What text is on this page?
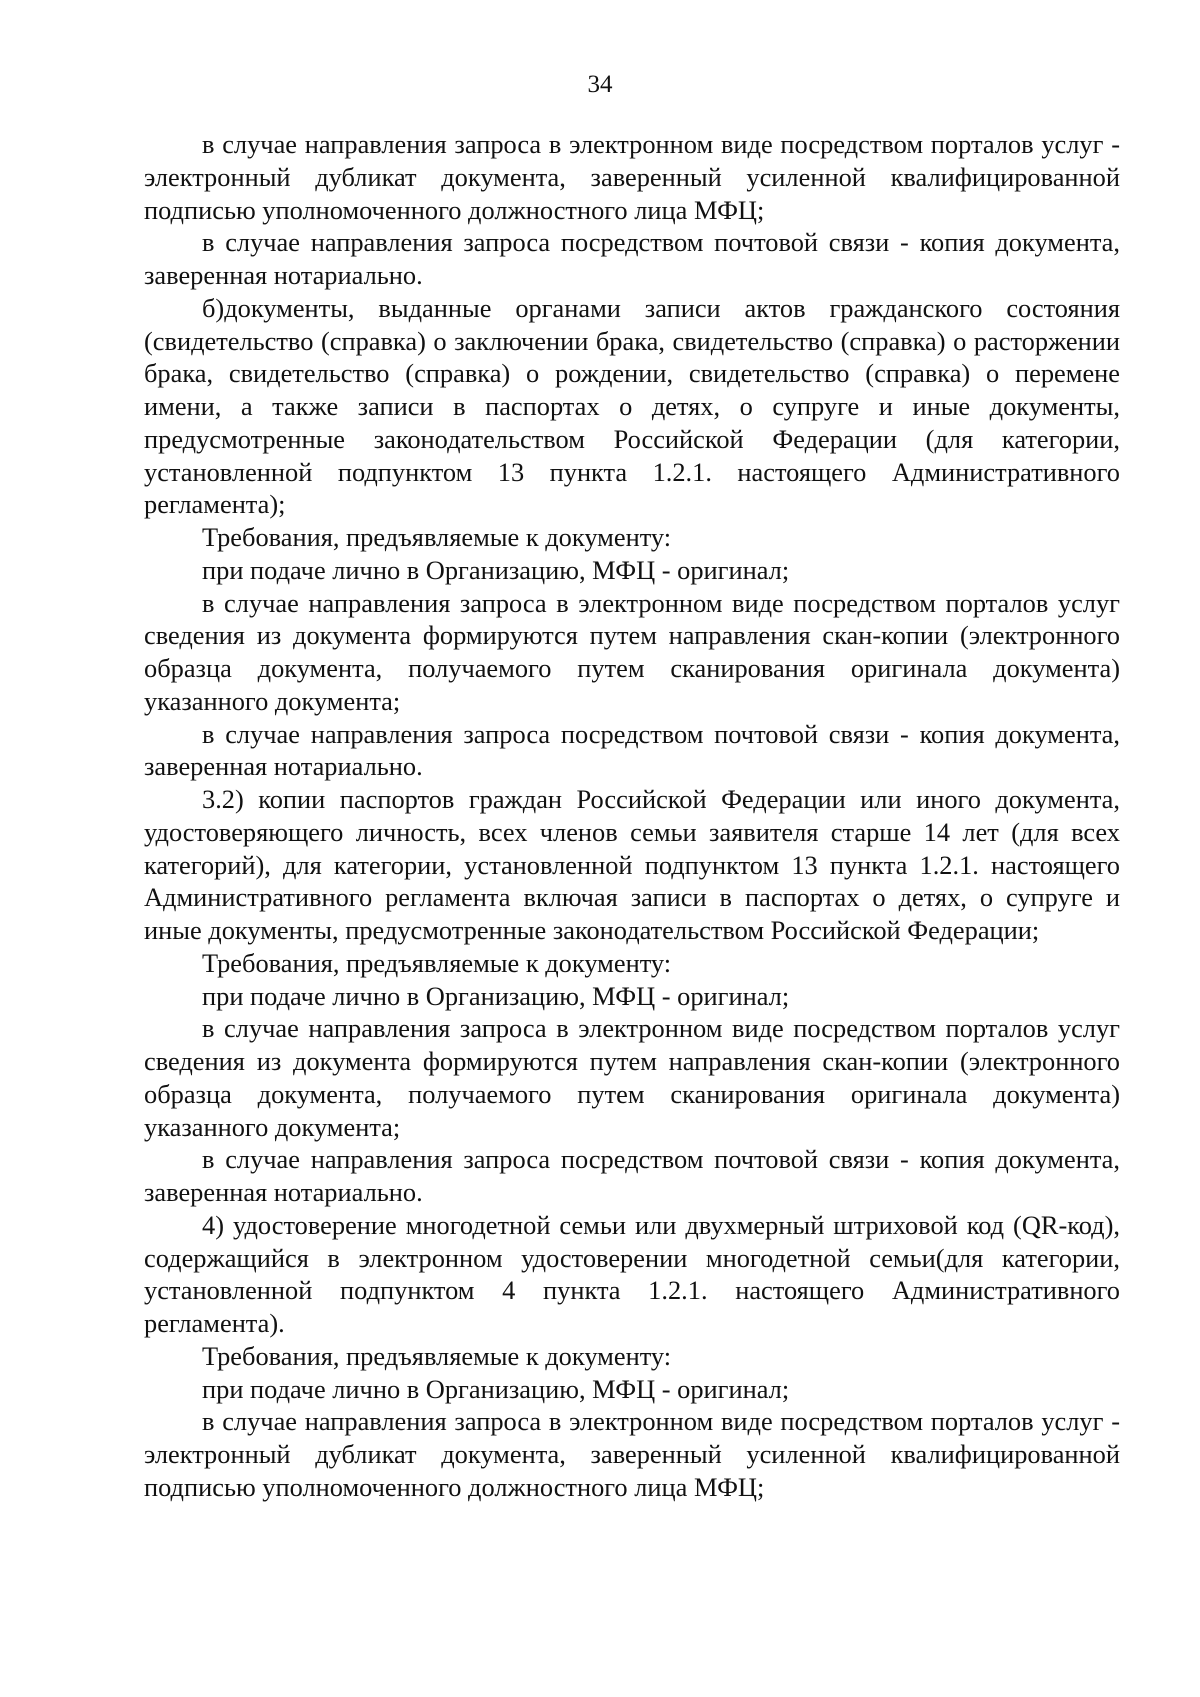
34

в случае направления запроса в электронном виде посредством порталов услуг - электронный дубликат документа, заверенный усиленной квалифицированной подписью уполномоченного должностного лица МФЦ;

в случае направления запроса посредством почтовой связи - копия документа, заверенная нотариально.

б)документы, выданные органами записи актов гражданского состояния (свидетельство (справка) о заключении брака, свидетельство (справка) о расторжении брака, свидетельство (справка) о рождении, свидетельство (справка) о перемене имени, а также записи в паспортах о детях, о супруге и иные документы, предусмотренные законодательством Российской Федерации (для категории, установленной подпунктом 13 пункта 1.2.1. настоящего Административного регламента);

Требования, предъявляемые к документу:

при подаче лично в Организацию, МФЦ - оригинал;

в случае направления запроса в электронном виде посредством порталов услуг сведения из документа формируются путем направления скан-копии (электронного образца документа, получаемого путем сканирования оригинала документа) указанного документа;

в случае направления запроса посредством почтовой связи - копия документа, заверенная нотариально.

3.2) копии паспортов граждан Российской Федерации или иного документа, удостоверяющего личность, всех членов семьи заявителя старше 14 лет (для всех категорий), для категории, установленной подпунктом 13 пункта 1.2.1. настоящего Административного регламента включая записи в паспортах о детях, о супруге и иные документы, предусмотренные законодательством Российской Федерации;

Требования, предъявляемые к документу:

при подаче лично в Организацию, МФЦ - оригинал;

в случае направления запроса в электронном виде посредством порталов услуг сведения из документа формируются путем направления скан-копии (электронного образца документа, получаемого путем сканирования оригинала документа) указанного документа;

в случае направления запроса посредством почтовой связи - копия документа, заверенная нотариально.

4) удостоверение многодетной семьи или двухмерный штриховой код (QR-код), содержащийся в электронном удостоверении многодетной семьи(для категории, установленной подпунктом 4 пункта 1.2.1. настоящего Административного регламента).

Требования, предъявляемые к документу:

при подаче лично в Организацию, МФЦ - оригинал;

в случае направления запроса в электронном виде посредством порталов услуг - электронный дубликат документа, заверенный усиленной квалифицированной подписью уполномоченного должностного лица МФЦ;
